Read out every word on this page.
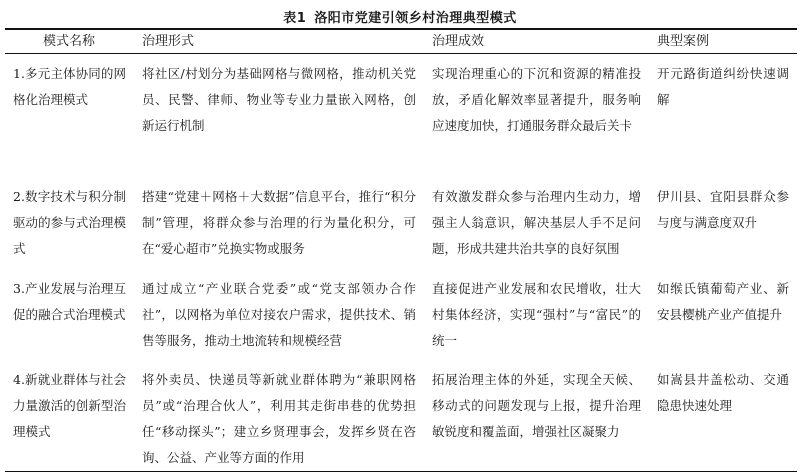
表1 洛阳市党建引领乡村治理典型模式
模式名称	治理形式	治理成效	典型案例
1.多元主体协同的网格化治理模式	将社区/村划分为基础网格与微网格，推动机关党员、民警、律师、物业等专业力量嵌入网格，创新运行机制	实现治理重心的下沉和资源的精准投放，矛盾化解效率显著提升，服务响应速度加快，打通服务群众最后关卡	开元路街道纠纷快速调解
2.数字技术与积分制驱动的参与式治理模式	搭建“党建＋网格＋大数据”信息平台，推行“积分制”管理，将群众参与治理的行为量化积分，可在“爱心超市”兑换实物或服务	有效激发群众参与治理内生动力，增强主人翁意识，解决基层人手不足问题，形成共建共治共享的良好氛围	伊川县、宜阳县群众参与度与满意度双升
3.产业发展与治理互促的融合式治理模式	通过成立“产业联合党委”或“党支部领办合作社”，以网格为单位对接农户需求，提供技术、销售等服务，推动土地流转和规模经营	直接促进产业发展和农民增收，壮大村集体经济，实现“强村”与“富民”的统一	如缑氏镇葡萄产业、新安县樱桃产业产值提升
4.新就业群体与社会力量激活的创新型治理模式	将外卖员、快递员等新就业群体聘为“兼职网格员”或“治理合伙人”，利用其走街串巷的优势担任“移动探头”；建立乡贤理事会，发挥乡贤在咨询、公益、产业等方面的作用	拓展治理主体的外延，实现全天候、移动式的问题发现与上报，提升治理敏锐度和覆盖面，增强社区凝聚力	如嵩县井盖松动、交通隐患快速处理
